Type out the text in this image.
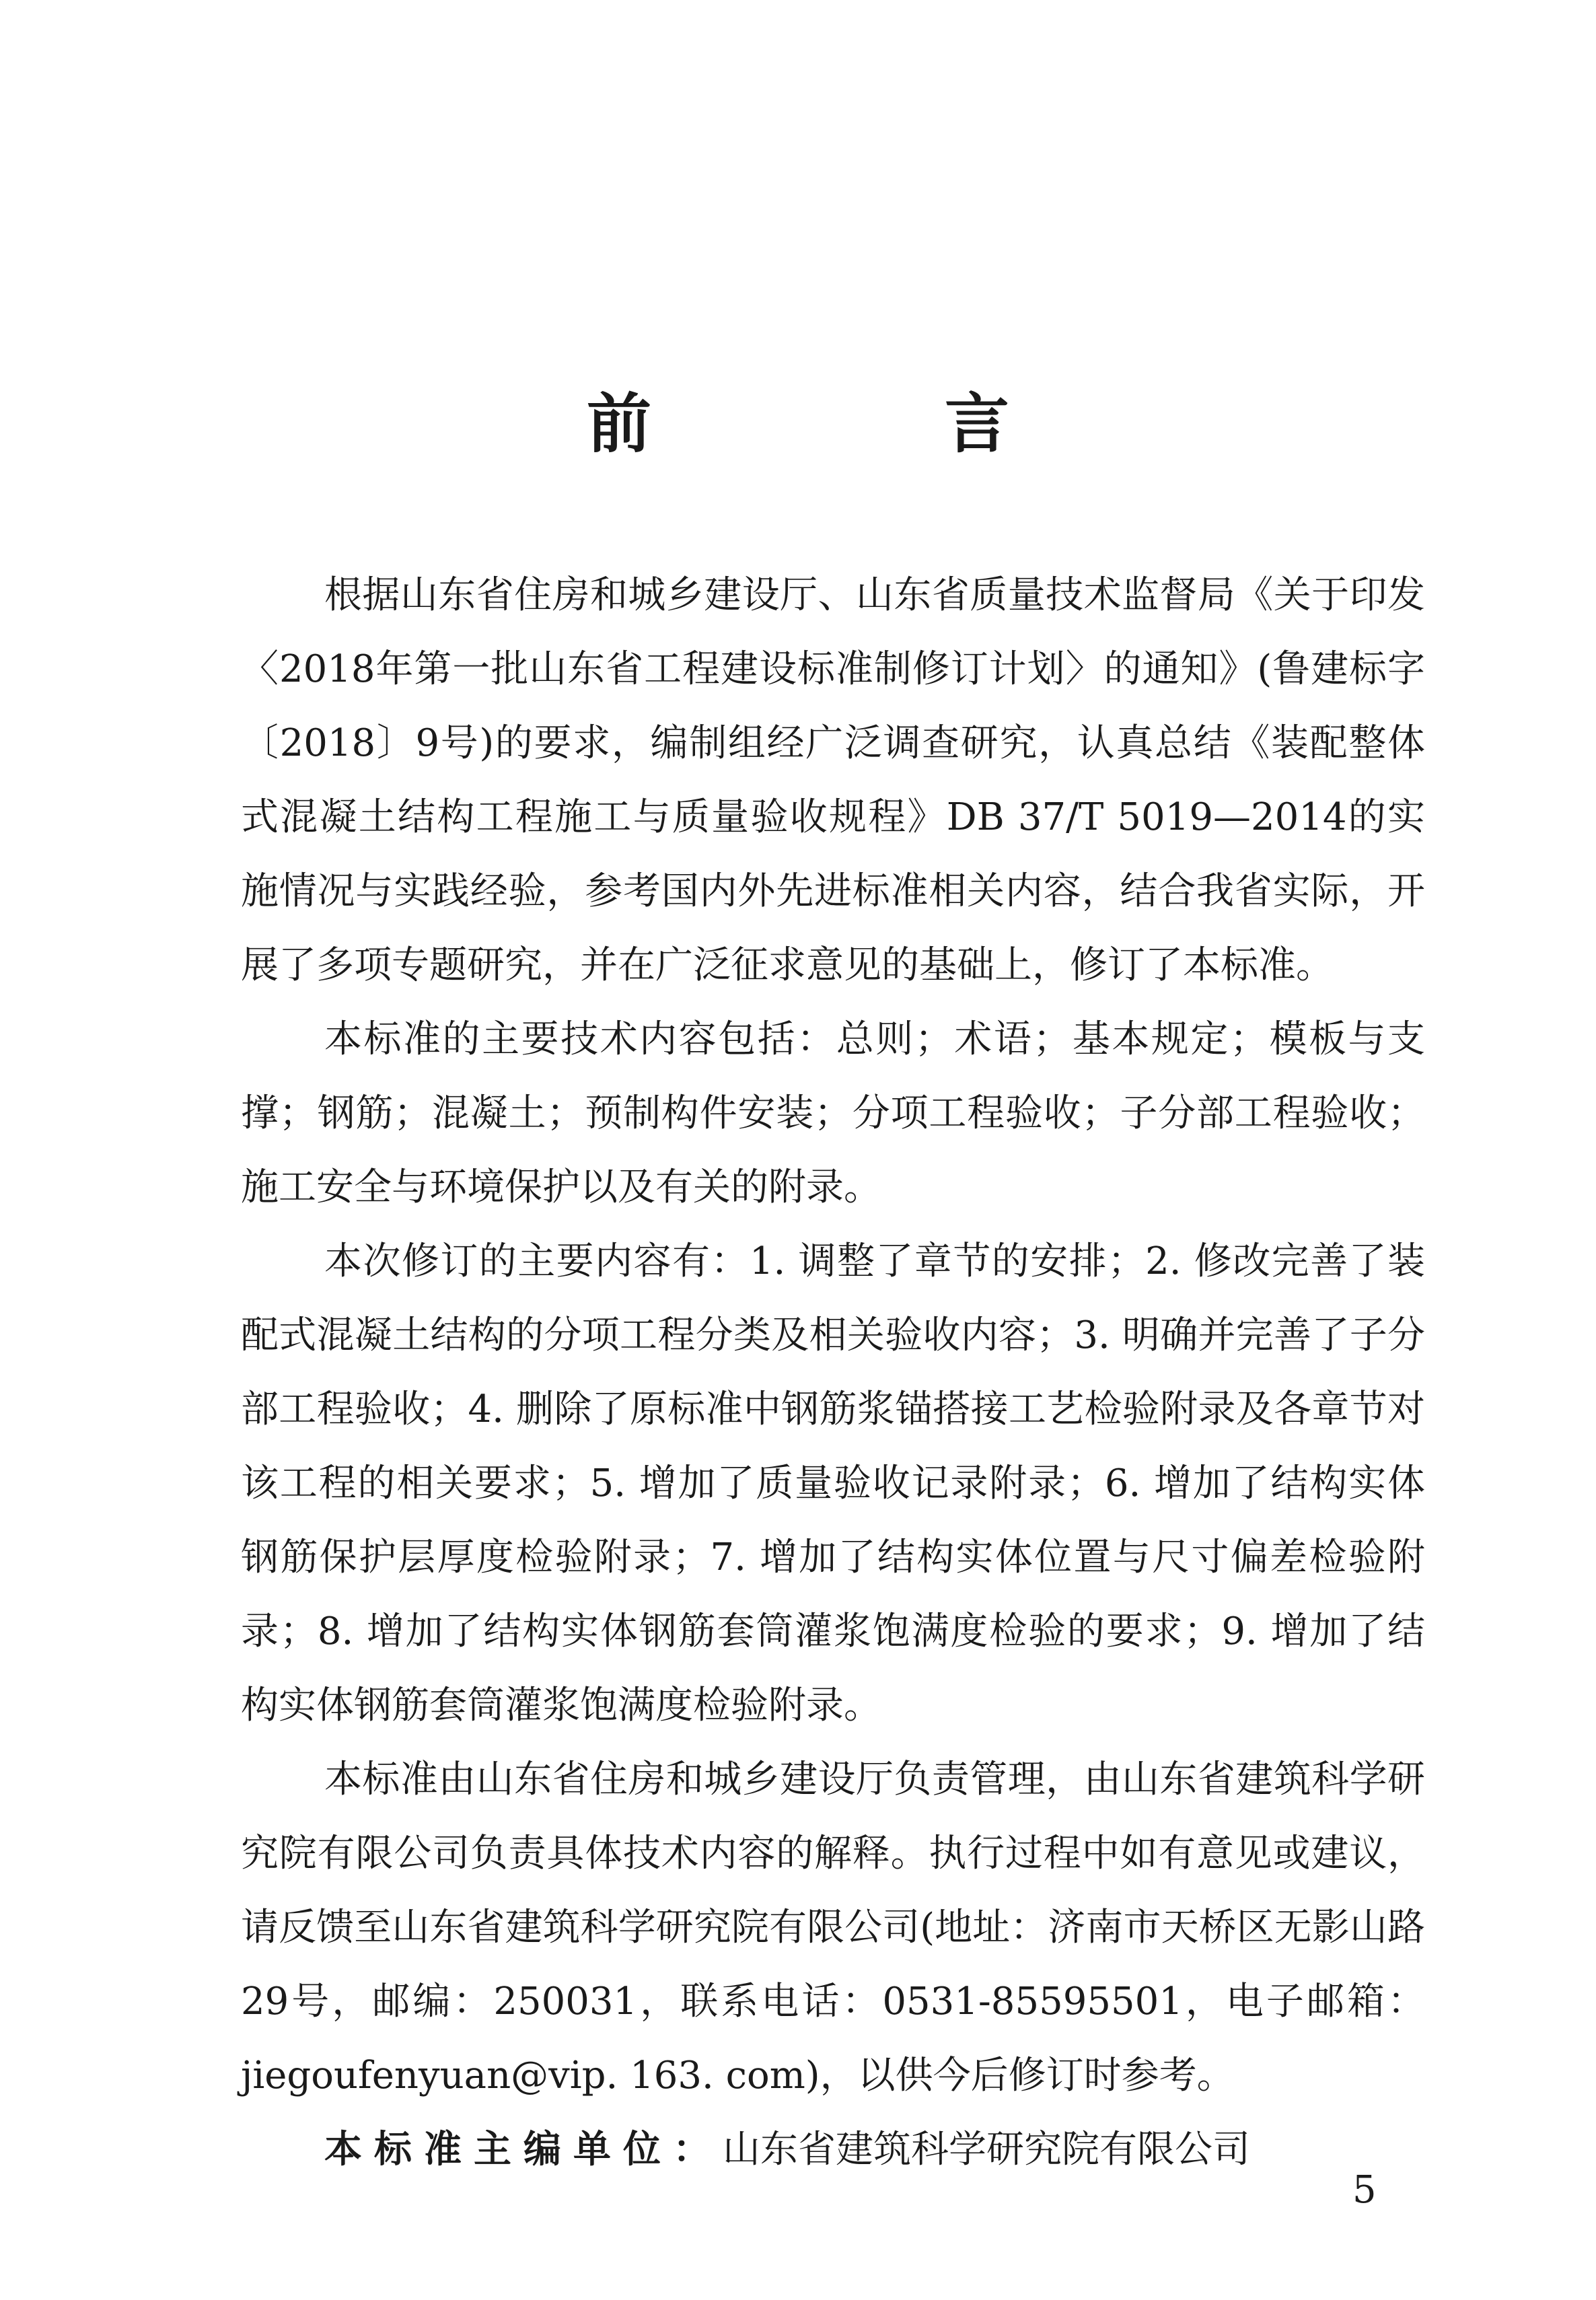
前　言

根据山东省住房和城乡建设厅、山东省质量技术监督局《关于印发〈2018年第一批山东省工程建设标准制修订计划〉的通知》(鲁建标字〔2018〕9号)的要求，编制组经广泛调查研究，认真总结《装配整体式混凝土结构工程施工与质量验收规程》DB 37/T 5019—2014的实施情况与实践经验，参考国内外先进标准相关内容，结合我省实际，开展了多项专题研究，并在广泛征求意见的基础上，修订了本标准。

本标准的主要技术内容包括：总则；术语；基本规定；模板与支撑；钢筋；混凝土；预制构件安装；分项工程验收；子分部工程验收；施工安全与环境保护以及有关的附录。

本次修订的主要内容有：1. 调整了章节的安排；2. 修改完善了装配式混凝土结构的分项工程分类及相关验收内容；3. 明确并完善了子分部工程验收；4. 删除了原标准中钢筋浆锚搭接工艺检验附录及各章节对该工程的相关要求；5. 增加了质量验收记录附录；6. 增加了结构实体钢筋保护层厚度检验附录；7. 增加了结构实体位置与尺寸偏差检验附录；8. 增加了结构实体钢筋套筒灌浆饱满度检验的要求；9. 增加了结构实体钢筋套筒灌浆饱满度检验附录。

本标准由山东省住房和城乡建设厅负责管理，由山东省建筑科学研究院有限公司负责具体技术内容的解释。执行过程中如有意见或建议，请反馈至山东省建筑科学研究院有限公司(地址：济南市天桥区无影山路29号，邮编：250031，联系电话：0531-85595501，电子邮箱：jiegoufenyuan@vip. 163. com)，以供今后修订时参考。

本标准主编单位：山东省建筑科学研究院有限公司

5
